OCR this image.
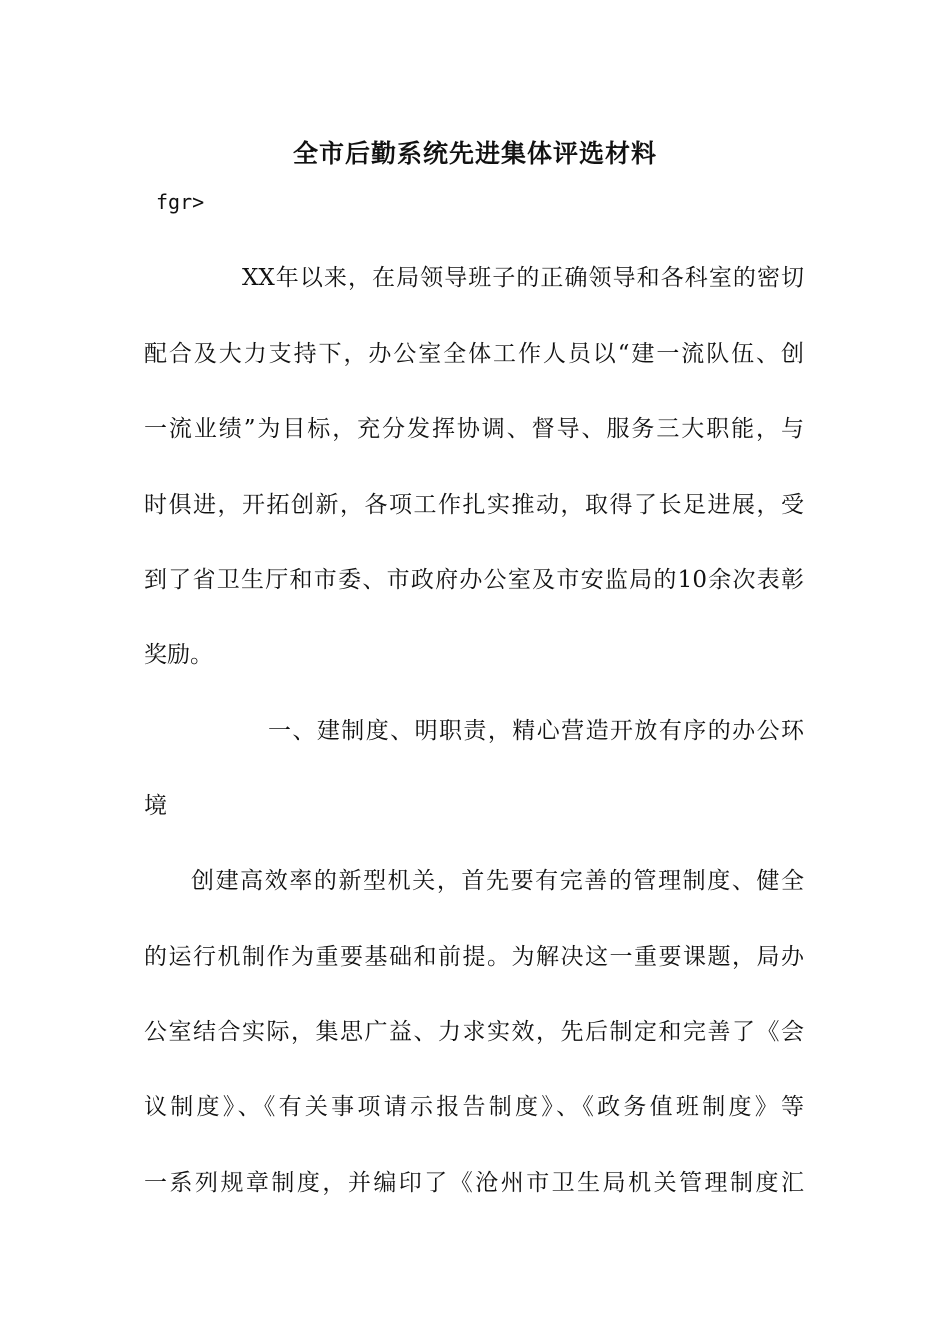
全市后勤系统先进集体评选材料
fgr>
XX年以来，在局领导班子的正确领导和各科室的密切
配合及大力支持下，办公室全体工作人员以“建一流队伍、创
一流业绩”为目标，充分发挥协调、督导、服务三大职能，与
时俱进，开拓创新，各项工作扎实推动，取得了长足进展，受
到了省卫生厅和市委、市政府办公室及市安监局的10余次表彰
奖励。
一、建制度、明职责，精心营造开放有序的办公环
境
创建高效率的新型机关，首先要有完善的管理制度、健全
的运行机制作为重要基础和前提。为解决这一重要课题，局办
公室结合实际，集思广益、力求实效，先后制定和完善了《会
议制度》、《有关事项请示报告制度》、《政务值班制度》等
一系列规章制度，并编印了《沧州市卫生局机关管理制度汇
